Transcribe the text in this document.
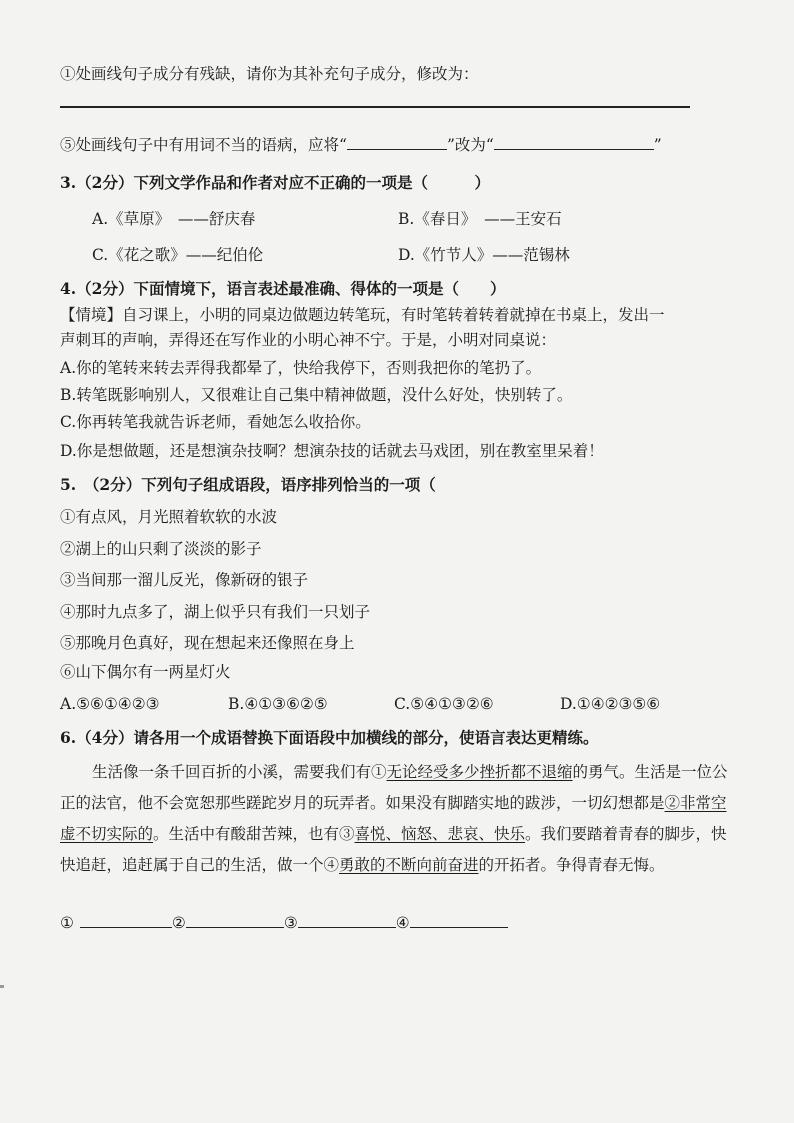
①处画线句子成分有残缺，请你为其补充句子成分，修改为：
⑤处画线句子中有用词不当的语病，应将“	”改为“	”
3.（2分）下列文学作品和作者对应不正确的一项是（　　　）
A.《草原》　——舒庆春	B.《春日》　——王安石
C.《花之歌》——纪伯伦	D.《竹节人》——范锡林
4.（2分）下面情境下，语言表述最准确、得体的一项是（　　）
【情境】自习课上，小明的同桌边做题边转笔玩，有时笔转着转着就掉在书桌上，发出一
声刺耳的声响，弄得还在写作业的小明心神不宁。于是，小明对同桌说：
A.你的笔转来转去弄得我都晕了，快给我停下，否则我把你的笔扔了。
B.转笔既影响别人，又很难让自己集中精神做题，没什么好处，快别转了。
C.你再转笔我就告诉老师，看她怎么收拾你。
D.你是想做题，还是想演杂技啊？想演杂技的话就去马戏团，别在教室里呆着！
5.　（2分）下列句子组成语段，语序排列恰当的一项（
①有点风，月光照着软软的水波
②湖上的山只剩了淡淡的影子
③当间那一溜儿反光，像新砑的银子
④那时九点多了，湖上似乎只有我们一只划子
⑤那晚月色真好，现在想起来还像照在身上
⑥山下偶尔有一两星灯火
A.⑤⑥①④②③	B.④①③⑥②⑤	C.⑤④①③②⑥	D.①④②③⑤⑥
6.（4分）请各用一个成语替换下面语段中加横线的部分，使语言表达更精练。

生活像一条千回百折的小溪，需要我们有①无论经受多少挫折都不退缩的勇气。生活是一位公正的法官，他不会宽恕那些蹉跎岁月的玩弄者。如果没有脚踏实地的跋涉，一切幻想都是②非常空虚不切实际的。生活中有酸甜苦辣，也有③喜悦、恼怒、悲哀、快乐。我们要踏着青春的脚步，快快追赶，追赶属于自己的生活，做一个④勇敢的不断向前奋进的开拓者。争得青春无悔。

①	②	③	④
